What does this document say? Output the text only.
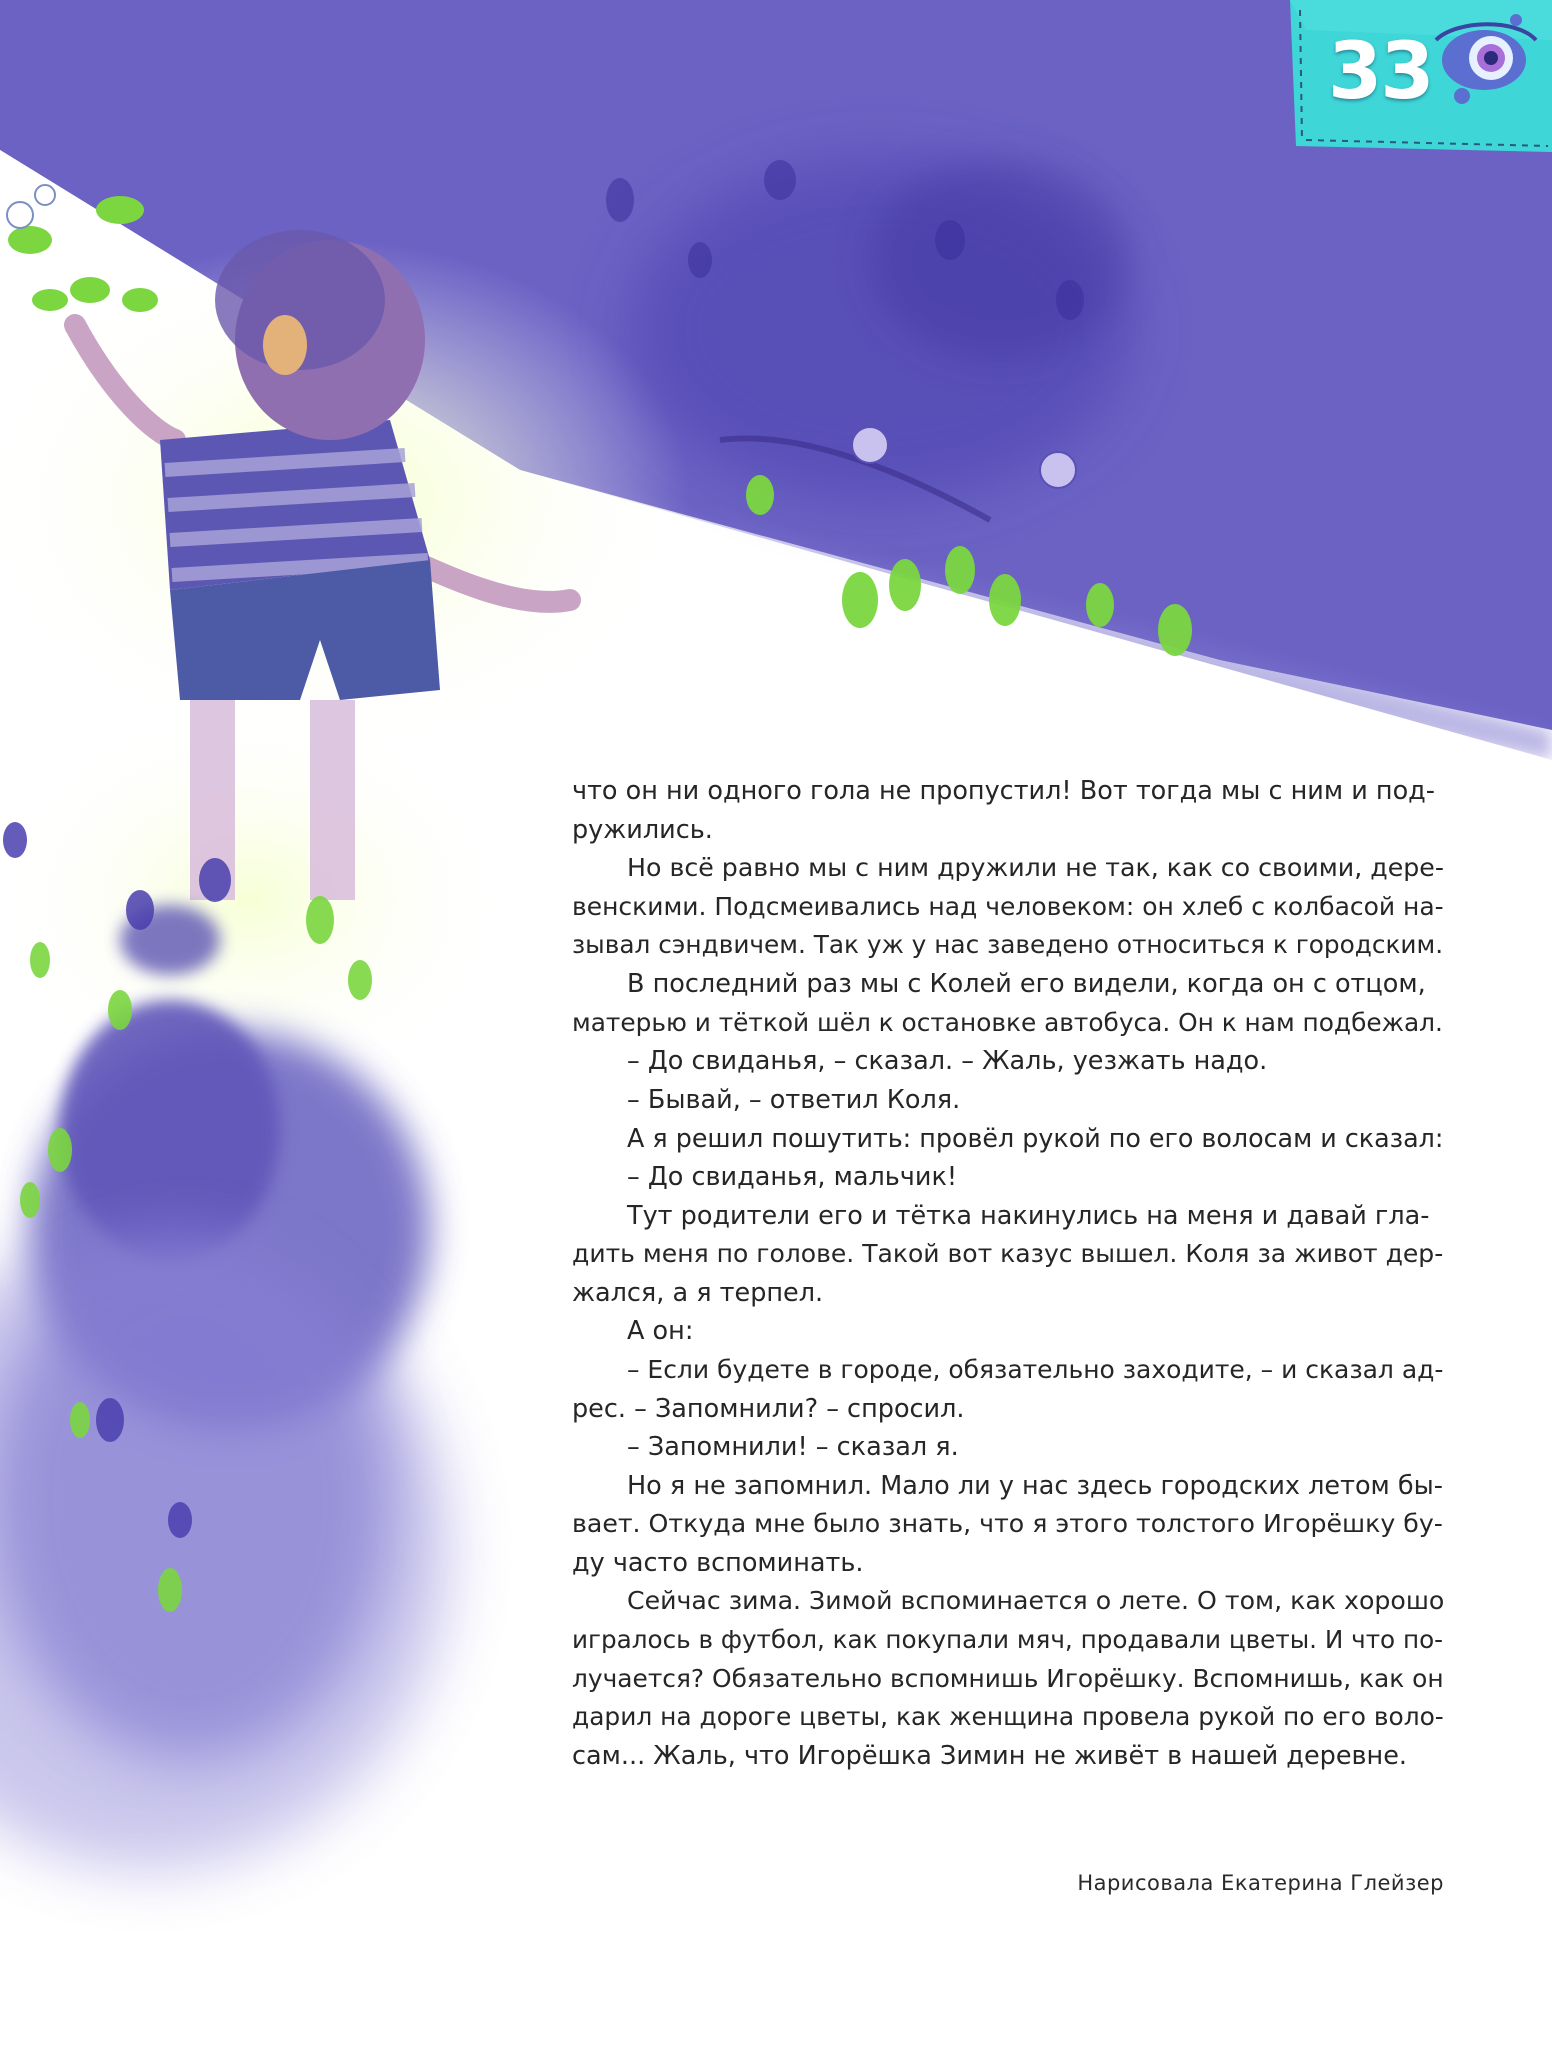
33

что он ни одного гола не пропустил! Вот тогда мы с ним и под-

ружились.

Но всё равно мы с ним дружили не так, как со своими, дере-

венскими. Подсмеивались над человеком: он хлеб с колбасой на-

зывал сэндвичем. Так уж у нас заведено относиться к городским.

В последний раз мы с Колей его видели, когда он с отцом,

матерью и тёткой шёл к остановке автобуса. Он к нам подбежал.

– До свиданья, – сказал. – Жаль, уезжать надо.

– Бывай, – ответил Коля.

А я решил пошутить: провёл рукой по его волосам и сказал:

– До свиданья, мальчик!

Тут родители его и тётка накинулись на меня и давай гла-

дить меня по голове. Такой вот казус вышел. Коля за живот дер-

жался, а я терпел.

А он:

– Если будете в городе, обязательно заходите, – и сказал ад-

рес. – Запомнили? – спросил.

– Запомнили! – сказал я.

Но я не запомнил. Мало ли у нас здесь городских летом бы-

вает. Откуда мне было знать, что я этого толстого Игорёшку бу-

ду часто вспоминать.

Сейчас зима. Зимой вспоминается о лете. О том, как хорошо

игралось в футбол, как покупали мяч, продавали цветы. И что по-

лучается? Обязательно вспомнишь Игорёшку. Вспомнишь, как он

дарил на дороге цветы, как женщина провела рукой по его воло-

сам... Жаль, что Игорёшка Зимин не живёт в нашей деревне.

Нарисовала Екатерина Глейзер
